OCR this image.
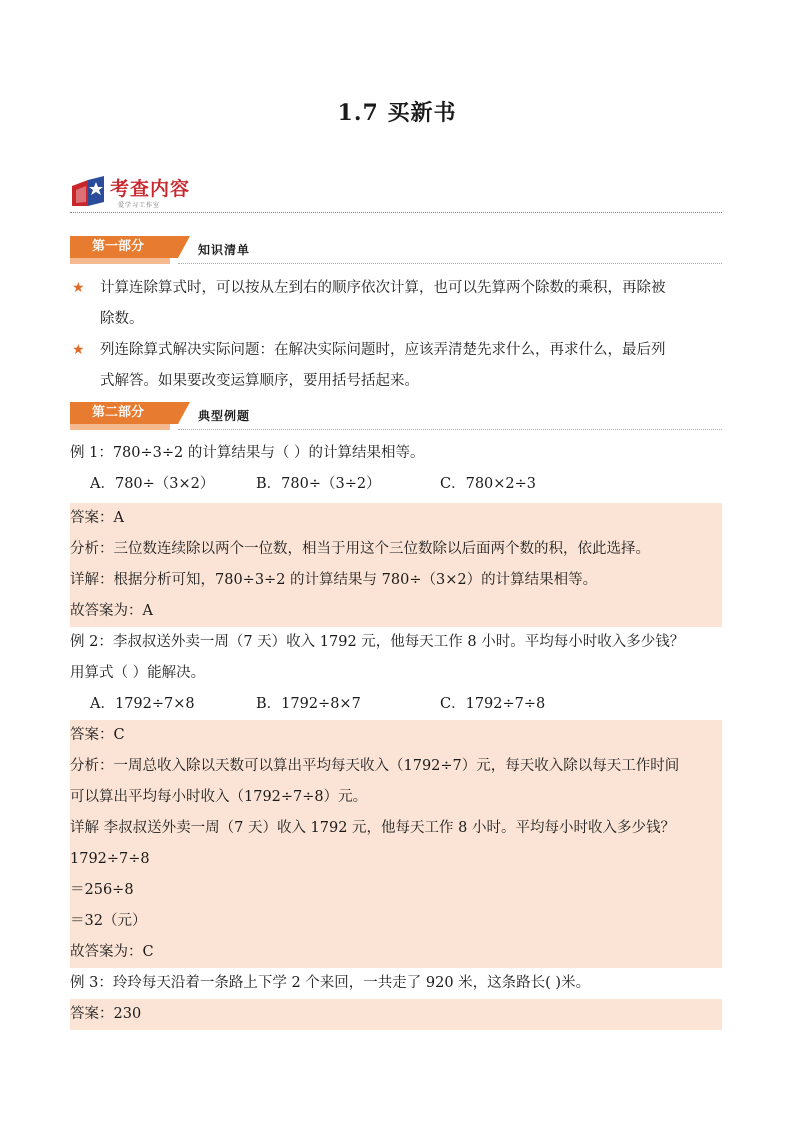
1.7 买新书
考查内容
爱学习工作室
第一部分	知识清单
★ 计算连除算式时，可以按从左到右的顺序依次计算，也可以先算两个除数的乘积，再除被
除数。
★ 列连除算式解决实际问题：在解决实际问题时，应该弄清楚先求什么，再求什么，最后列
式解答。如果要改变运算顺序，要用括号括起来。
第二部分	典型例题
例 1：780÷3÷2 的计算结果与（ ）的计算结果相等。
A．780÷（3×2）	B．780÷（3÷2）	C．780×2÷3
答案：A
分析：三位数连续除以两个一位数，相当于用这个三位数除以后面两个数的积，依此选择。
详解：根据分析可知，780÷3÷2 的计算结果与 780÷（3×2）的计算结果相等。
故答案为：A
例 2：李叔叔送外卖一周（7 天）收入 1792 元，他每天工作 8 小时。平均每小时收入多少钱？
用算式（ ）能解决。
A．1792÷7×8	B．1792÷8×7	C．1792÷7÷8
答案：C
分析：一周总收入除以天数可以算出平均每天收入（1792÷7）元，每天收入除以每天工作时间
可以算出平均每小时收入（1792÷7÷8）元。
详解 李叔叔送外卖一周（7 天）收入 1792 元，他每天工作 8 小时。平均每小时收入多少钱？
1792÷7÷8
＝256÷8
＝32（元）
故答案为：C
例 3：玲玲每天沿着一条路上下学 2 个来回，一共走了 920 米，这条路长( )米。
答案：230
